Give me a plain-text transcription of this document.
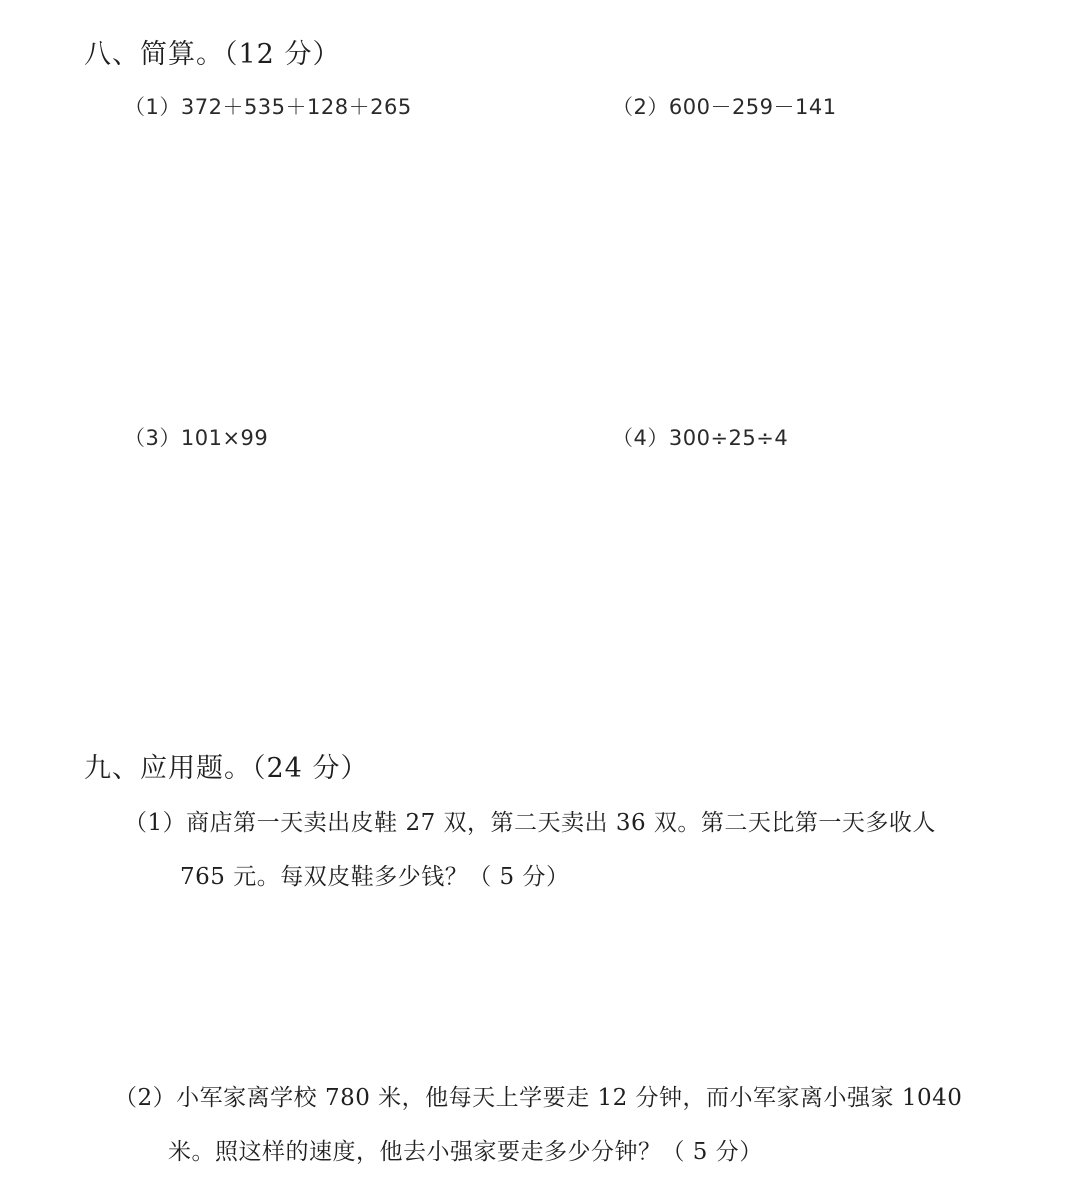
八、简算。（12 分）
（1）372＋535＋128＋265	（2）600－259－141
（3）101×99	（4）300÷25÷4
九、应用题。（24 分）
（1）商店第一天卖出皮鞋 27 双，第二天卖出 36 双。第二天比第一天多收人
765 元。每双皮鞋多少钱？（ 5 分）
（2）小军家离学校 780 米，他每天上学要走 12 分钟，而小军家离小强家 1040
米。照这样的速度，他去小强家要走多少分钟？（ 5 分）
